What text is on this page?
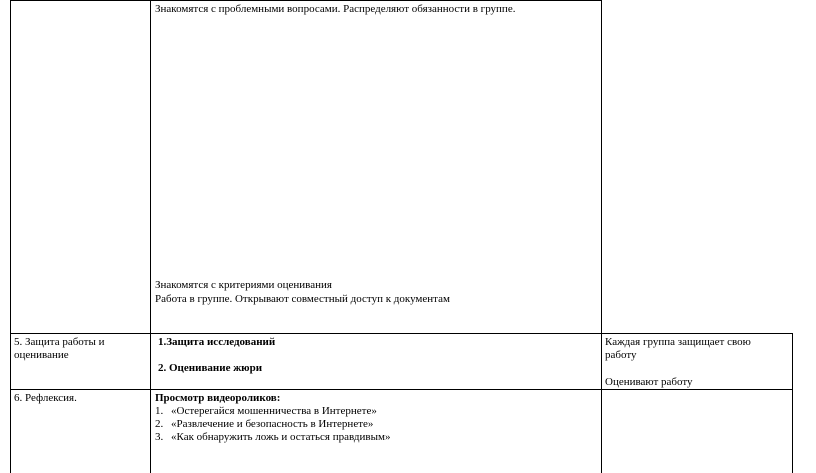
Знакомятся с проблемными вопросами. Распределяют обязанности в группе.
Знакомятся с критериями оценивания
Работа в группе. Открывают совместный доступ к документам
5. Защита работы и
оценивание
1.Защита исследований
2. Оценивание жюри
Каждая группа защищает свою
работу
Оценивают работу
6. Рефлексия.	Просмотр видеороликов:
1. «Остерегайся мошенничества в Интернете»
2. «Развлечение и безопасность в Интернете»
3. «Как обнаружить ложь и остаться правдивым»
